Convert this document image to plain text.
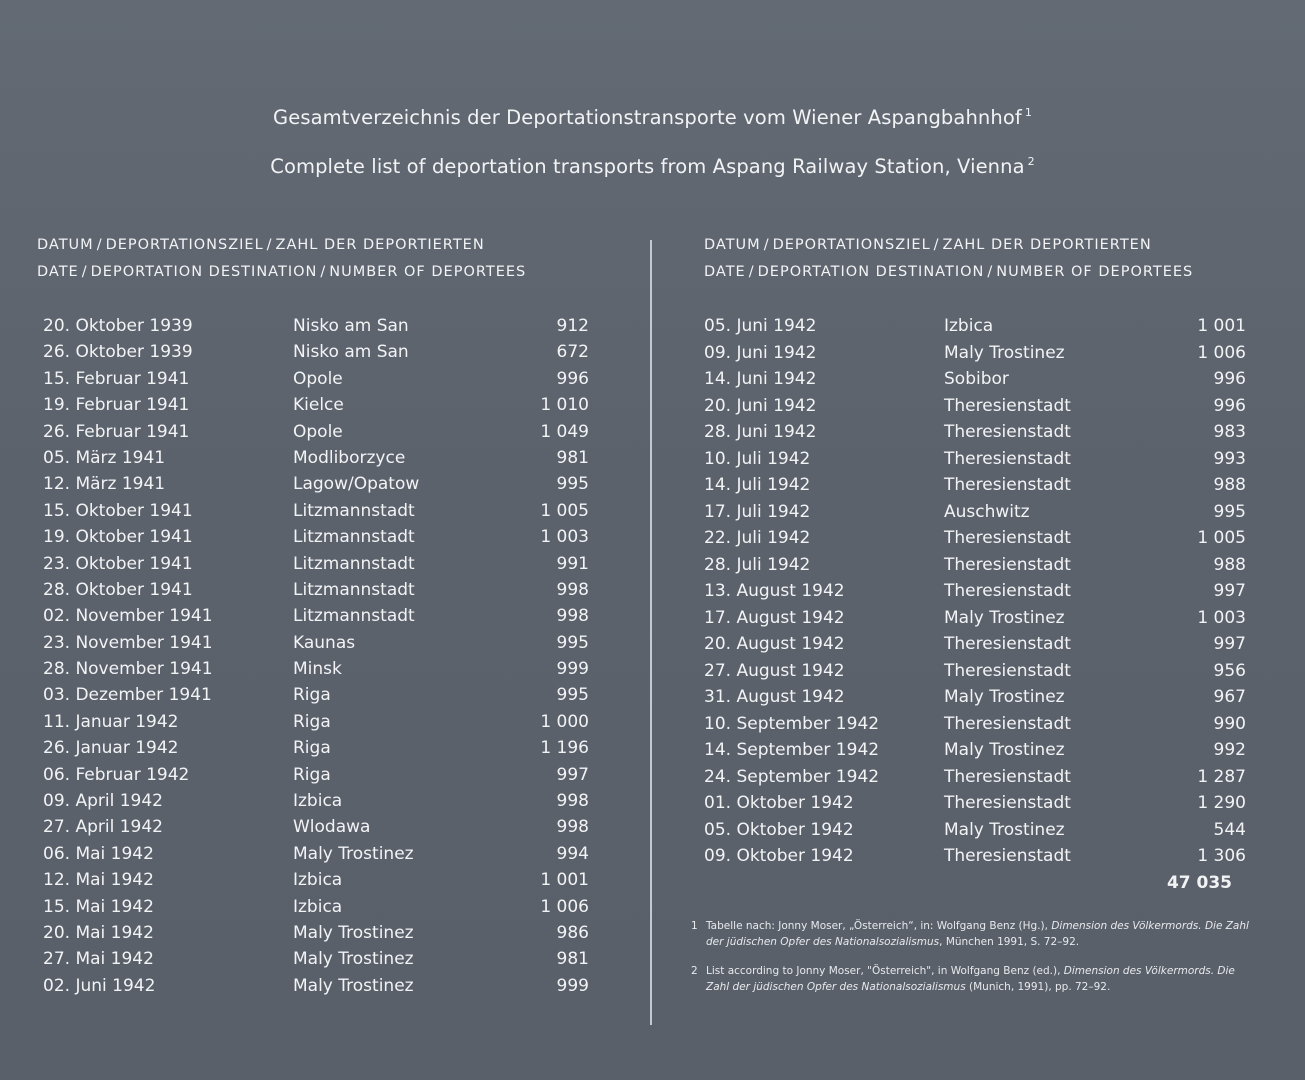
Gesamtverzeichnis der Deportationstransporte vom Wiener Aspangbahnhof $^1$
Complete list of deportation transports from Aspang Railway Station, Vienna $^2$
DATUM / DEPORTATIONSZIEL / ZAHL DER DEPORTIERTEN
DATE / DEPORTATION DESTINATION / NUMBER OF DEPORTEES
20. Oktober 1939	Nisko am San	912
26. Oktober 1939	Nisko am San	672
15. Februar 1941	Opole	996
19. Februar 1941	Kielce	1 010
26. Februar 1941	Opole	1 049
05. März 1941	Modliborzyce	981
12. März 1941	Lagow/Opatow	995
15. Oktober 1941	Litzmannstadt	1 005
19. Oktober 1941	Litzmannstadt	1 003
23. Oktober 1941	Litzmannstadt	991
28. Oktober 1941	Litzmannstadt	998
02. November 1941	Litzmannstadt	998
23. November 1941	Kaunas	995
28. November 1941	Minsk	999
03. Dezember 1941	Riga	995
11. Januar 1942	Riga	1 000
26. Januar 1942	Riga	1 196
06. Februar 1942	Riga	997
09. April 1942	Izbica	998
27. April 1942	Wlodawa	998
06. Mai 1942	Maly Trostinez	994
12. Mai 1942	Izbica	1 001
15. Mai 1942	Izbica	1 006
20. Mai 1942	Maly Trostinez	986
27. Mai 1942	Maly Trostinez	981
02. Juni 1942	Maly Trostinez	999
DATUM / DEPORTATIONSZIEL / ZAHL DER DEPORTIERTEN
DATE / DEPORTATION DESTINATION / NUMBER OF DEPORTEES
05. Juni 1942	Izbica	1 001
09. Juni 1942	Maly Trostinez	1 006
14. Juni 1942	Sobibor	996
20. Juni 1942	Theresienstadt	996
28. Juni 1942	Theresienstadt	983
10. Juli 1942	Theresienstadt	993
14. Juli 1942	Theresienstadt	988
17. Juli 1942	Auschwitz	995
22. Juli 1942	Theresienstadt	1 005
28. Juli 1942	Theresienstadt	988
13. August 1942	Theresienstadt	997
17. August 1942	Maly Trostinez	1 003
20. August 1942	Theresienstadt	997
27. August 1942	Theresienstadt	956
31. August 1942	Maly Trostinez	967
10. September 1942	Theresienstadt	990
14. September 1942	Maly Trostinez	992
24. September 1942	Theresienstadt	1 287
01. Oktober 1942	Theresienstadt	1 290
05. Oktober 1942	Maly Trostinez	544
09. Oktober 1942	Theresienstadt	1 306
47 035
1 Tabelle nach: Jonny Moser, „Österreich“, in: Wolfgang Benz (Hg.), Dimension des Völkermords. Die Zahl der jüdischen Opfer des Nationalsozialismus, München 1991, S. 72–92.
2 List according to Jonny Moser, "Österreich", in Wolfgang Benz (ed.), Dimension des Völkermords. Die Zahl der jüdischen Opfer des Nationalsozialismus (Munich, 1991), pp. 72–92.
